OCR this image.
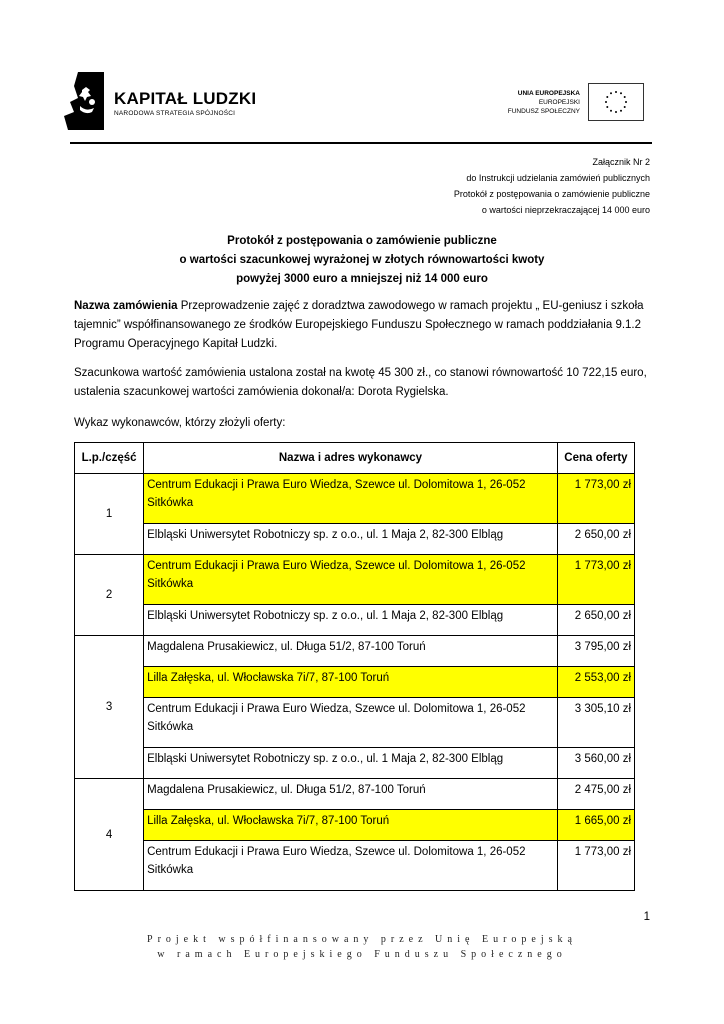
KAPITAŁ LUDZKI
NARODOWA STRATEGIA SPÓJNOŚCI
UNIA EUROPEJSKA
EUROPEJSKI
FUNDUSZ SPOŁECZNY
Załącznik Nr 2
do Instrukcji udzielania zamówień publicznych
Protokół z postępowania o zamówienie publiczne
o wartości nieprzekraczającej 14 000 euro
Protokół z postępowania o zamówienie publiczne
o wartości szacunkowej wyrażonej w złotych równowartości kwoty
powyżej 3000 euro a mniejszej niż 14 000 euro
Nazwa zamówienia Przeprowadzenie zajęć z doradztwa zawodowego w ramach projektu „ EU-geniusz i szkoła tajemnic” współfinansowanego ze środków Europejskiego Funduszu Społecznego w ramach poddziałania 9.1.2 Programu Operacyjnego Kapitał Ludzki.
Szacunkowa wartość zamówienia ustalona został na kwotę 45 300 zł., co stanowi równowartość 10 722,15 euro, ustalenia szacunkowej wartości zamówienia dokonał/a: Dorota Rygielska.
Wykaz wykonawców, którzy złożyli oferty:
L.p./część	Nazwa i adres wykonawcy	Cena oferty
1	Centrum Edukacji i Prawa Euro Wiedza, Szewce ul. Dolomitowa 1, 26-052 Sitkówka	1 773,00 zł
	Elbląski Uniwersytet Robotniczy sp. z o.o., ul. 1 Maja 2, 82-300 Elbląg	2 650,00 zł
2	Centrum Edukacji i Prawa Euro Wiedza, Szewce ul. Dolomitowa 1, 26-052 Sitkówka	1 773,00 zł
	Elbląski Uniwersytet Robotniczy sp. z o.o., ul. 1 Maja 2, 82-300 Elbląg	2 650,00 zł
3	Magdalena Prusakiewicz, ul. Długa 51/2, 87-100 Toruń	3 795,00 zł
	Lilla Załęska, ul. Włocławska 7i/7, 87-100 Toruń	2 553,00 zł
	Centrum Edukacji i Prawa Euro Wiedza, Szewce ul. Dolomitowa 1, 26-052 Sitkówka	3 305,10 zł
	Elbląski Uniwersytet Robotniczy sp. z o.o., ul. 1 Maja 2, 82-300 Elbląg	3 560,00 zł
4	Magdalena Prusakiewicz, ul. Długa 51/2, 87-100 Toruń	2 475,00 zł
	Lilla Załęska, ul. Włocławska 7i/7, 87-100 Toruń	1 665,00 zł
	Centrum Edukacji i Prawa Euro Wiedza, Szewce ul. Dolomitowa 1, 26-052 Sitkówka	1 773,00 zł
1
Projekt współfinansowany przez Unię Europejską
w ramach Europejskiego Funduszu Społecznego
